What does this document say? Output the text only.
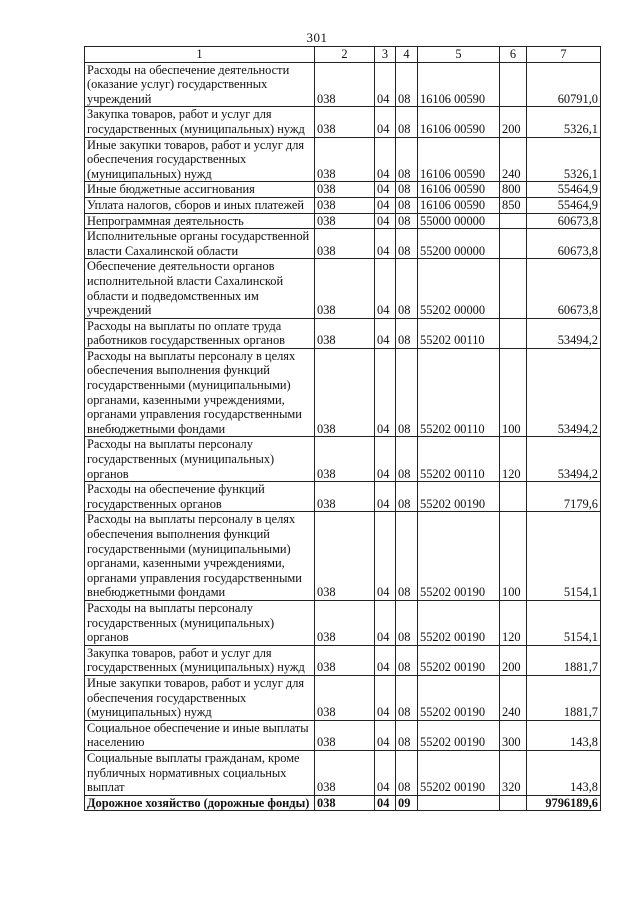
301
1	2	3	4	5	6	7
Расходы на обеспечение деятельности (оказание услуг) государственных учреждений	038	04	08	16106 00590		60791,0
Закупка товаров, работ и услуг для государственных (муниципальных) нужд	038	04	08	16106 00590	200	5326,1
Иные закупки товаров, работ и услуг для обеспечения государственных (муниципальных) нужд	038	04	08	16106 00590	240	5326,1
Иные бюджетные ассигнования	038	04	08	16106 00590	800	55464,9
Уплата налогов, сборов и иных платежей	038	04	08	16106 00590	850	55464,9
Непрограммная деятельность	038	04	08	55000 00000		60673,8
Исполнительные органы государственной власти Сахалинской области	038	04	08	55200 00000		60673,8
Обеспечение деятельности органов исполнительной власти Сахалинской области и подведомственных им учреждений	038	04	08	55202 00000		60673,8
Расходы на выплаты по оплате труда работников государственных органов	038	04	08	55202 00110		53494,2
Расходы на выплаты персоналу в целях обеспечения выполнения функций государственными (муниципальными) органами, казенными учреждениями, органами управления государственными внебюджетными фондами	038	04	08	55202 00110	100	53494,2
Расходы на выплаты персоналу государственных (муниципальных) органов	038	04	08	55202 00110	120	53494,2
Расходы на обеспечение функций государственных органов	038	04	08	55202 00190		7179,6
Расходы на выплаты персоналу в целях обеспечения выполнения функций государственными (муниципальными) органами, казенными учреждениями, органами управления государственными внебюджетными фондами	038	04	08	55202 00190	100	5154,1
Расходы на выплаты персоналу государственных (муниципальных) органов	038	04	08	55202 00190	120	5154,1
Закупка товаров, работ и услуг для государственных (муниципальных) нужд	038	04	08	55202 00190	200	1881,7
Иные закупки товаров, работ и услуг для обеспечения государственных (муниципальных) нужд	038	04	08	55202 00190	240	1881,7
Социальное обеспечение и иные выплаты населению	038	04	08	55202 00190	300	143,8
Социальные выплаты гражданам, кроме публичных нормативных социальных выплат	038	04	08	55202 00190	320	143,8
Дорожное хозяйство (дорожные фонды)	038	04	09			9796189,6
